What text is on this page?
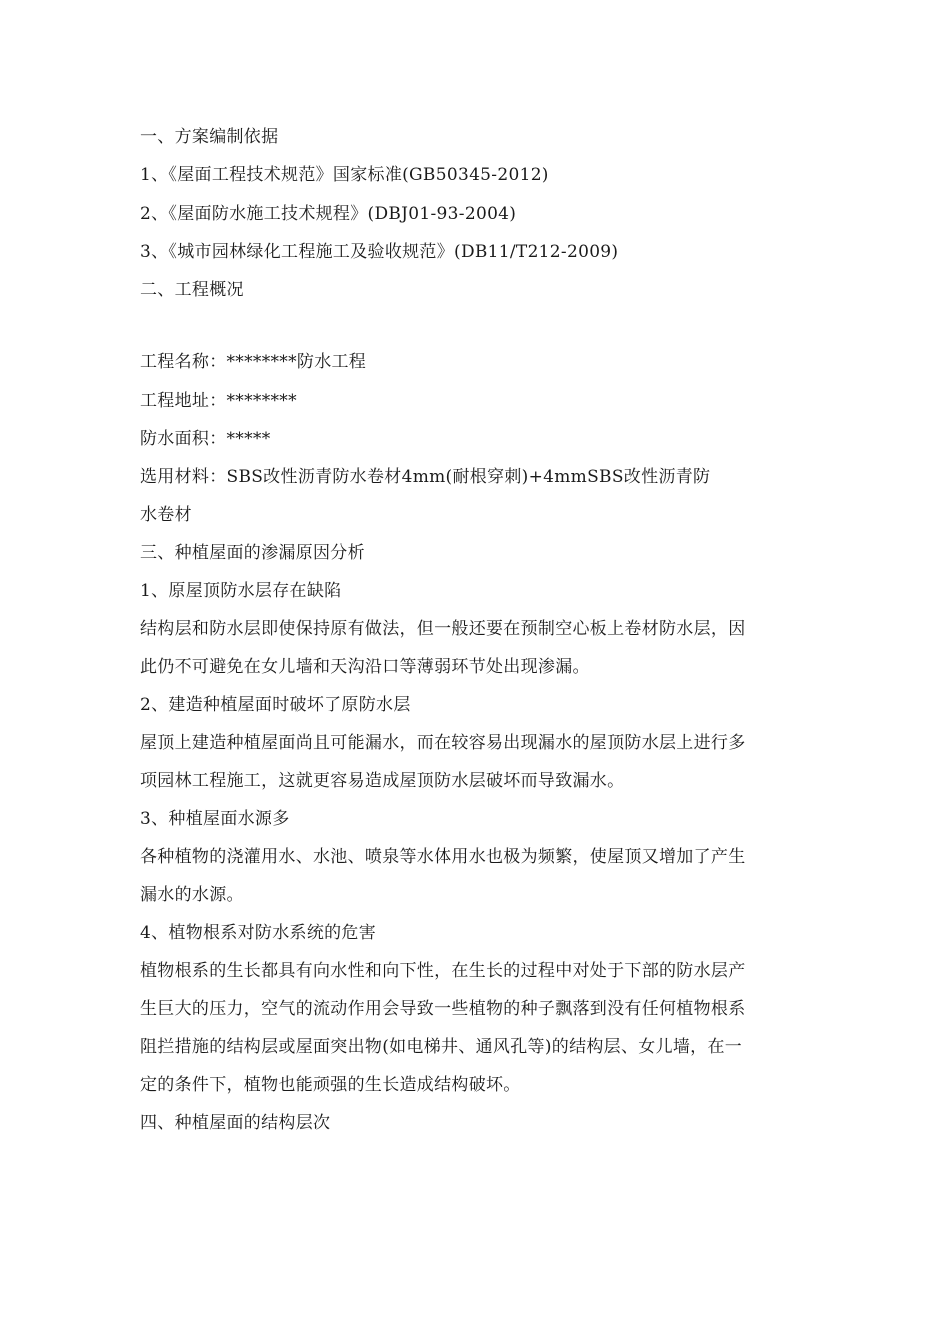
一、方案编制依据
1、《屋面工程技术规范》国家标准(GB50345-2012)
2、《屋面防水施工技术规程》(DBJ01-93-2004)
3、《城市园林绿化工程施工及验收规范》(DB11/T212-2009)
二、工程概况
工程名称：********防水工程
工程地址：********
防水面积：*****
选用材料：SBS改性沥青防水卷材4mm(耐根穿刺)+4mmSBS改性沥青防
水卷材
三、种植屋面的渗漏原因分析
1、原屋顶防水层存在缺陷
结构层和防水层即使保持原有做法，但一般还要在预制空心板上卷材防水层，因
此仍不可避免在女儿墙和天沟沿口等薄弱环节处出现渗漏。
2、建造种植屋面时破坏了原防水层
屋顶上建造种植屋面尚且可能漏水，而在较容易出现漏水的屋顶防水层上进行多
项园林工程施工，这就更容易造成屋顶防水层破坏而导致漏水。
3、种植屋面水源多
各种植物的浇灌用水、水池、喷泉等水体用水也极为频繁，使屋顶又增加了产生
漏水的水源。
4、植物根系对防水系统的危害
植物根系的生长都具有向水性和向下性，在生长的过程中对处于下部的防水层产
生巨大的压力，空气的流动作用会导致一些植物的种子飘落到没有任何植物根系
阻拦措施的结构层或屋面突出物(如电梯井、通风孔等)的结构层、女儿墙，在一
定的条件下，植物也能顽强的生长造成结构破坏。
四、种植屋面的结构层次
